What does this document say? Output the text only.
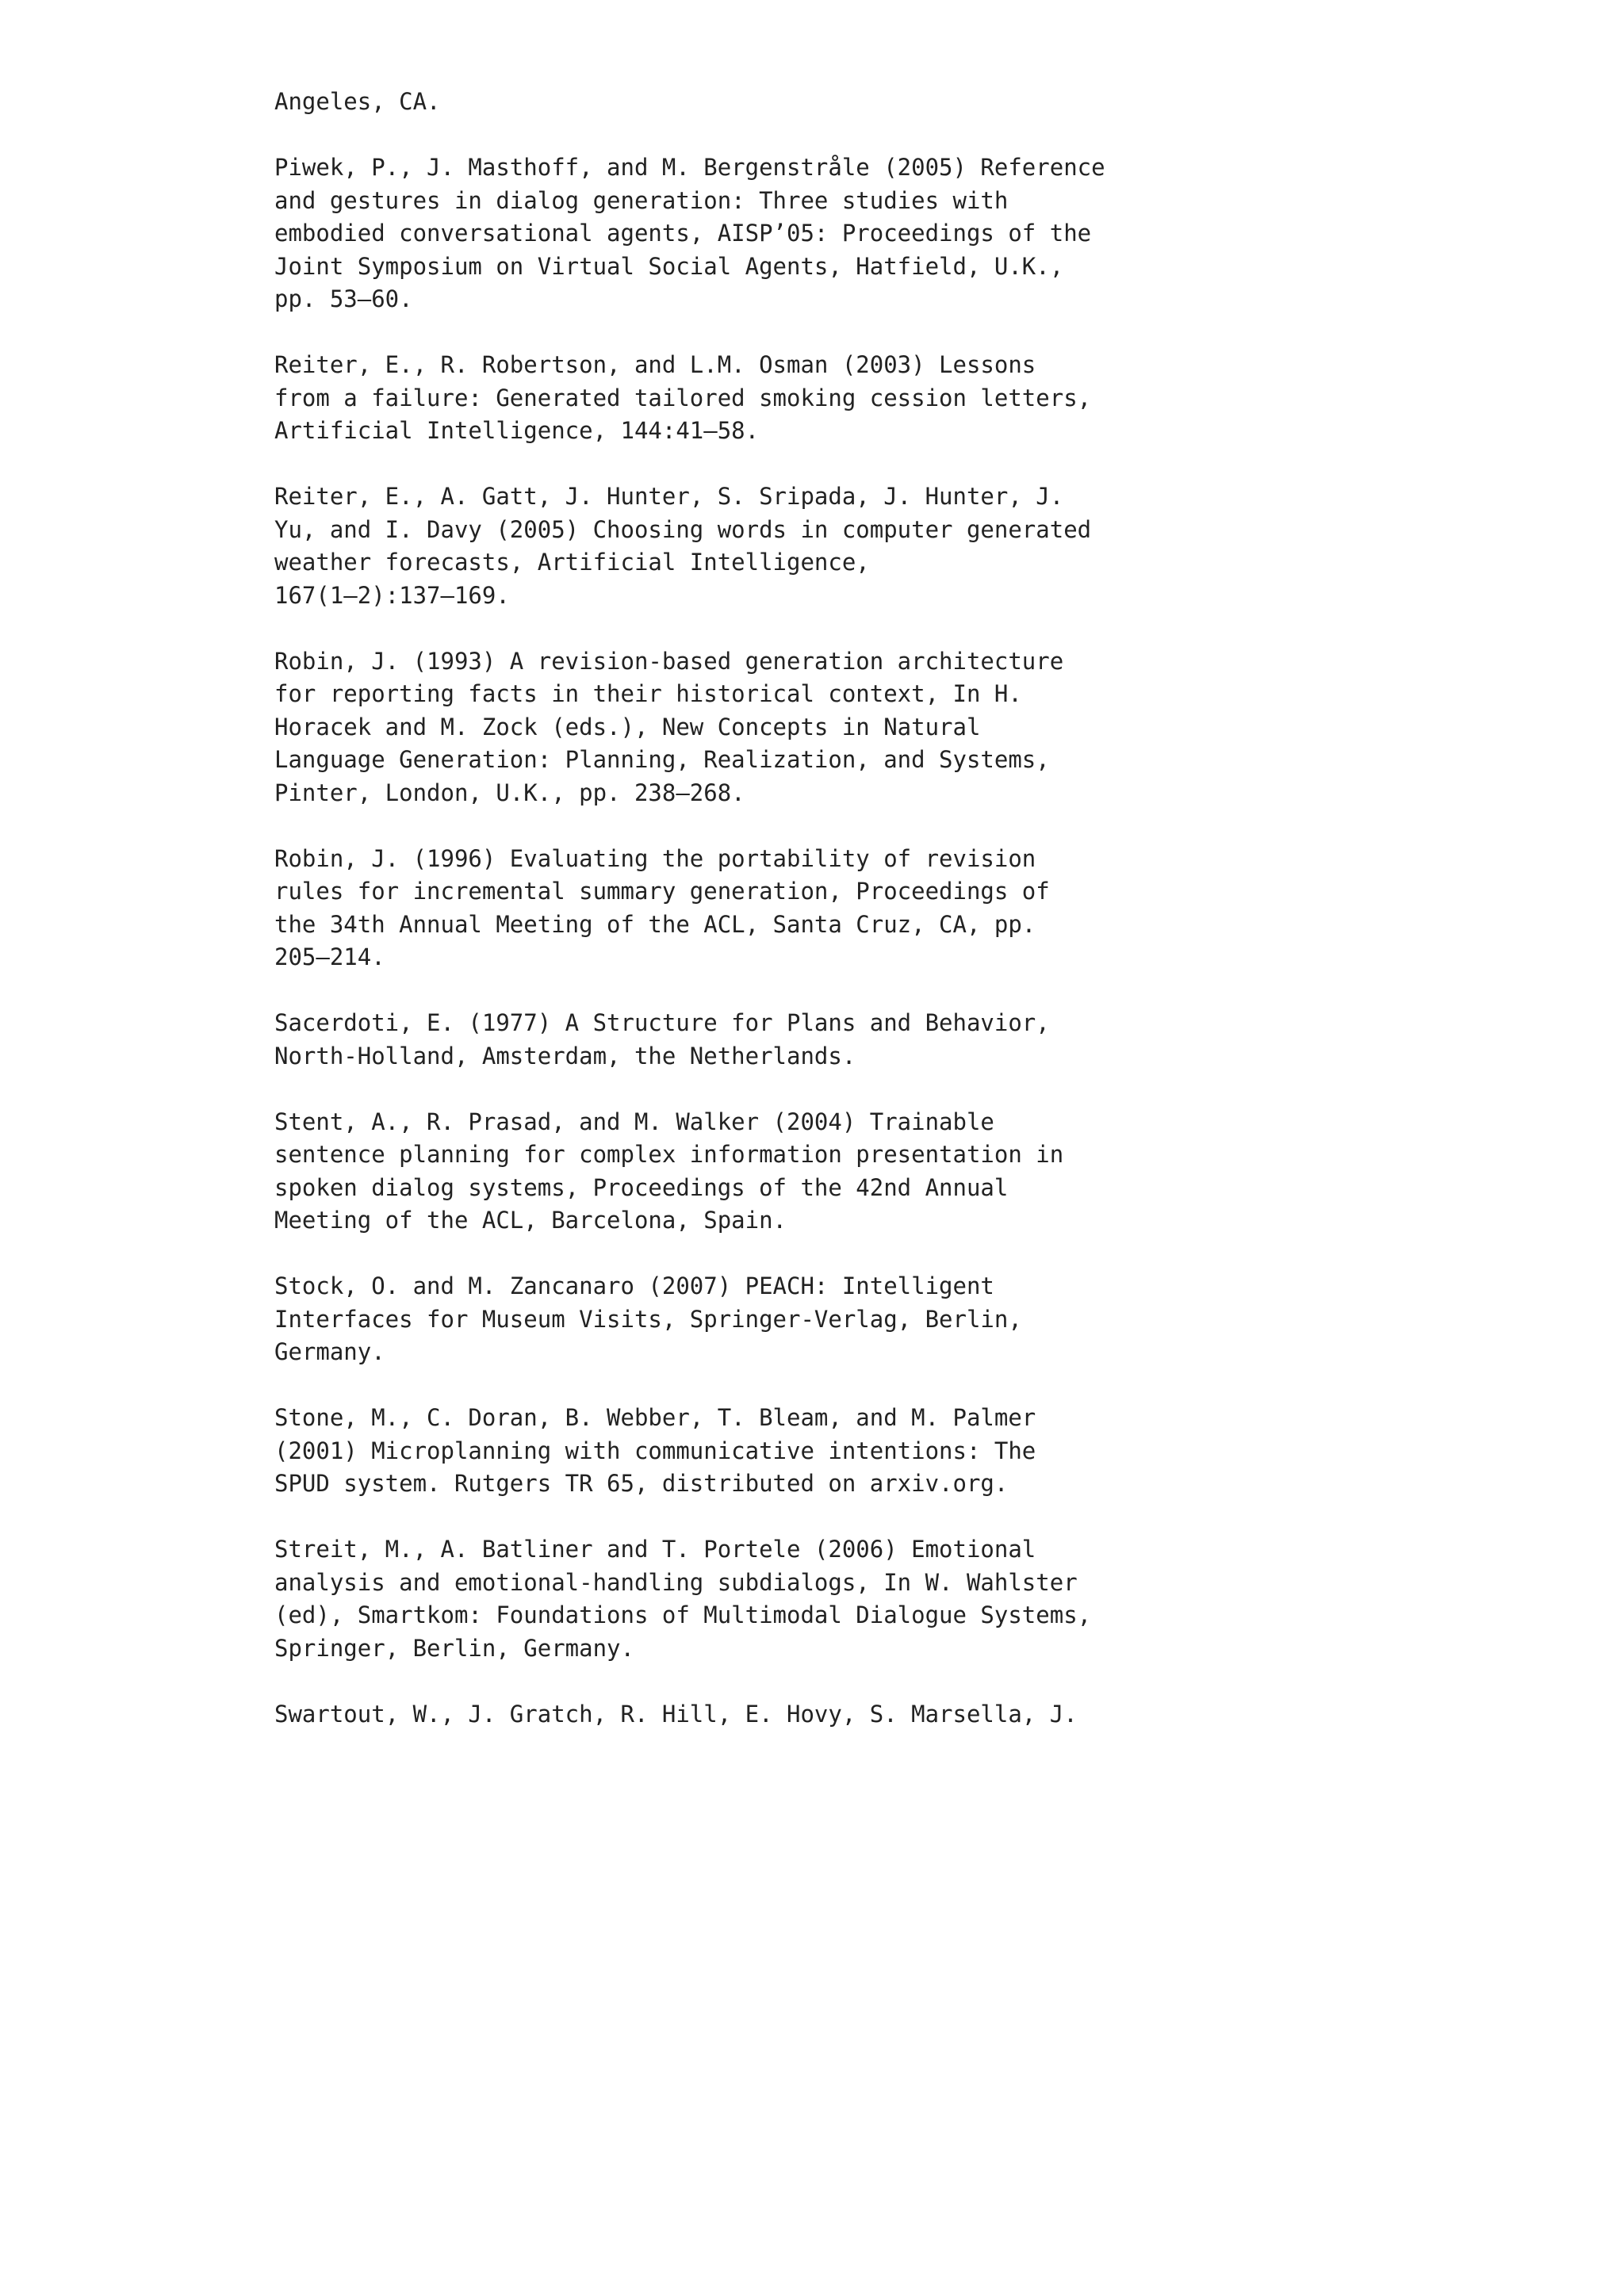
Angeles, CA.
Piwek, P., J. Masthoff, and M. Bergenstråle (2005) Reference
and gestures in dialog generation: Three studies with
embodied conversational agents, AISP’05: Proceedings of the
Joint Symposium on Virtual Social Agents, Hatfield, U.K.,
pp. 53–60.
Reiter, E., R. Robertson, and L.M. Osman (2003) Lessons
from a failure: Generated tailored smoking cession letters,
Artificial Intelligence, 144:41–58.
Reiter, E., A. Gatt, J. Hunter, S. Sripada, J. Hunter, J.
Yu, and I. Davy (2005) Choosing words in computer generated
weather forecasts, Artificial Intelligence,
167(1–2):137–169.
Robin, J. (1993) A revision-based generation architecture
for reporting facts in their historical context, In H.
Horacek and M. Zock (eds.), New Concepts in Natural
Language Generation: Planning, Realization, and Systems,
Pinter, London, U.K., pp. 238–268.
Robin, J. (1996) Evaluating the portability of revision
rules for incremental summary generation, Proceedings of
the 34th Annual Meeting of the ACL, Santa Cruz, CA, pp.
205–214.
Sacerdoti, E. (1977) A Structure for Plans and Behavior,
North-Holland, Amsterdam, the Netherlands.
Stent, A., R. Prasad, and M. Walker (2004) Trainable
sentence planning for complex information presentation in
spoken dialog systems, Proceedings of the 42nd Annual
Meeting of the ACL, Barcelona, Spain.
Stock, O. and M. Zancanaro (2007) PEACH: Intelligent
Interfaces for Museum Visits, Springer-Verlag, Berlin,
Germany.
Stone, M., C. Doran, B. Webber, T. Bleam, and M. Palmer
(2001) Microplanning with communicative intentions: The
SPUD system. Rutgers TR 65, distributed on arxiv.org.
Streit, M., A. Batliner and T. Portele (2006) Emotional
analysis and emotional-handling subdialogs, In W. Wahlster
(ed), Smartkom: Foundations of Multimodal Dialogue Systems,
Springer, Berlin, Germany.
Swartout, W., J. Gratch, R. Hill, E. Hovy, S. Marsella, J.
